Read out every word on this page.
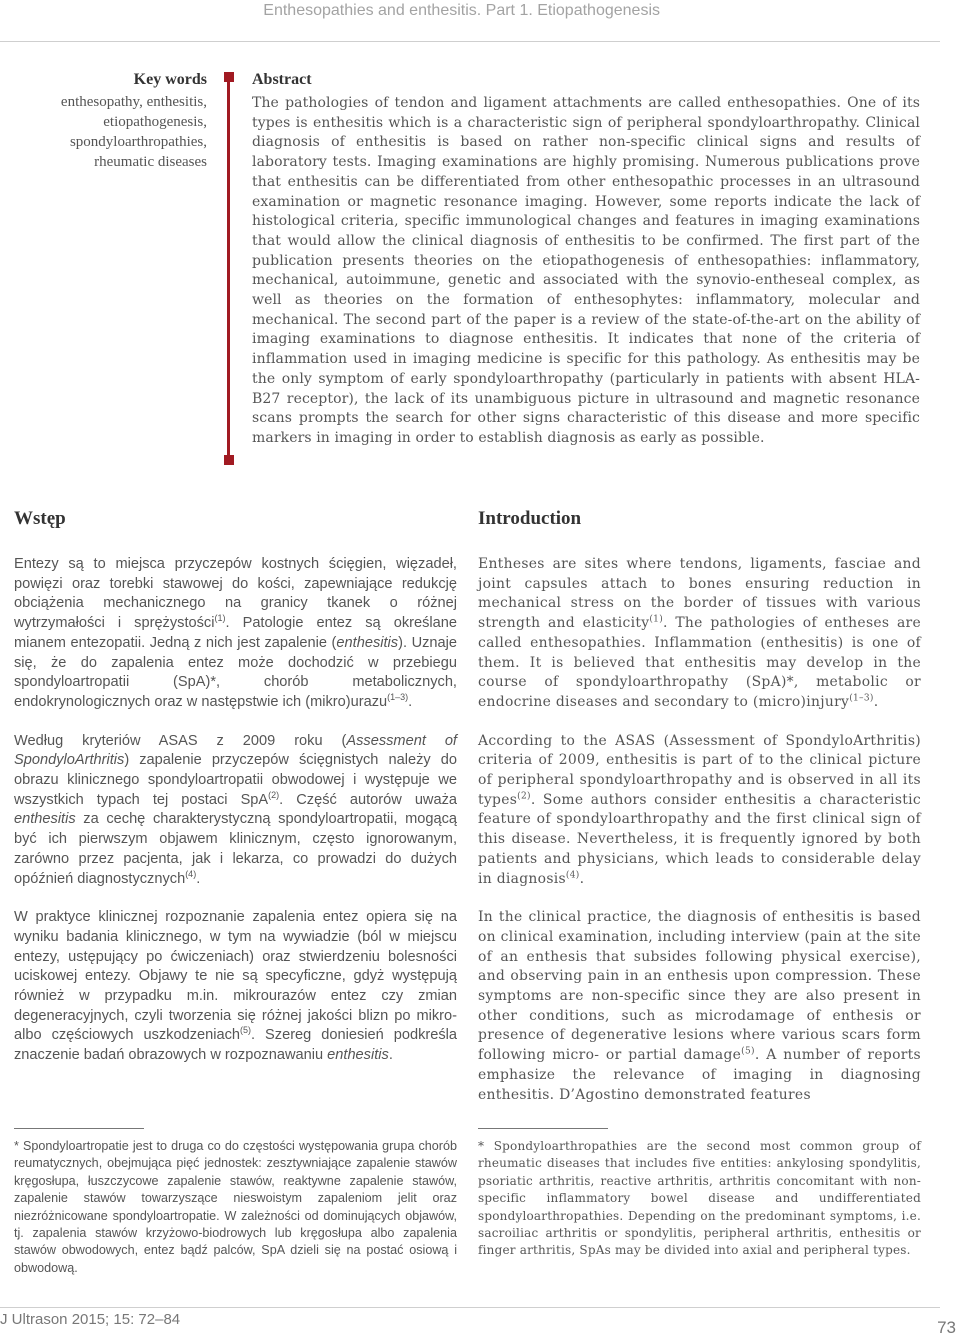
Enthesopathies and enthesitis. Part 1. Etiopathogenesis
Key words
enthesopathy, enthesitis,
etiopathogenesis,
spondyloarthropathies,
rheumatic diseases
Abstract

The pathologies of tendon and ligament attachments are called enthesopathies. One of its types is enthesitis which is a characteristic sign of peripheral spondyloarthropathy. Clinical diagnosis of enthesitis is based on rather non-specific clinical signs and results of laboratory tests. Imaging examinations are highly promising. Numerous publications prove that enthesitis can be differentiated from other enthesopathic processes in an ultrasound examination or magnetic resonance imaging. However, some reports indicate the lack of histological criteria, specific immunological changes and features in imaging examinations that would allow the clinical diagnosis of enthesitis to be confirmed. The first part of the publication presents theories on the etiopathogenesis of enthesopathies: inflammatory, mechanical, autoimmune, genetic and associated with the synovio-entheseal complex, as well as theories on the formation of enthesophytes: inflammatory, molecular and mechanical. The second part of the paper is a review of the state-of-the-art on the ability of imaging examinations to diagnose enthesitis. It indicates that none of the criteria of inflammation used in imaging medicine is specific for this pathology. As enthesitis may be the only symptom of early spondyloarthropathy (particularly in patients with absent HLA-B27 receptor), the lack of its unambiguous picture in ultrasound and magnetic resonance scans prompts the search for other signs characteristic of this disease and more specific markers in imaging in order to establish diagnosis as early as possible.

Wstęp

Entezy są to miejsca przyczepów kostnych ścięgien, więzadeł, powięzi oraz torebki stawowej do kości, zapewniające redukcję obciążenia mechanicznego na granicy tkanek o różnej wytrzymałości i sprężystości$^{(1)}$. Patologie entez są określane mianem entezopatii. Jedną z nich jest zapalenie (enthesitis). Uznaje się, że do zapalenia entez może dochodzić w przebiegu spondyloartropatii (SpA)*, chorób metabolicznych, endokrynologicznych oraz w następstwie ich (mikro)urazu$^{(1-3)}$.

Według kryteriów ASAS z 2009 roku (Assessment of SpondyloArthritis) zapalenie przyczepów ścięgnistych należy do obrazu klinicznego spondyloartropatii obwodowej i występuje we wszystkich typach tej postaci SpA$^{(2)}$. Część autorów uważa enthesitis za cechę charakterystyczną spondyloartropatii, mogącą być ich pierwszym objawem klinicznym, często ignorowanym, zarówno przez pacjenta, jak i lekarza, co prowadzi do dużych opóźnień diagnostycznych$^{(4)}$.

W praktyce klinicznej rozpoznanie zapalenia entez opiera się na wyniku badania klinicznego, w tym na wywiadzie (ból w miejscu entezy, ustępujący po ćwiczeniach) oraz stwierdzeniu bolesności uciskowej entezy. Objawy te nie są specyficzne, gdyż występują również w przypadku m.in. mikrourazów entez czy zmian degeneracyjnych, czyli tworzenia się różnej jakości blizn po mikro- albo częściowych uszkodzeniach$^{(5)}$. Szereg doniesień podkreśla znaczenie badań obrazowych w rozpoznawaniu enthesitis.

Introduction

Entheses are sites where tendons, ligaments, fasciae and joint capsules attach to bones ensuring reduction in mechanical stress on the border of tissues with various strength and elasticity$^{(1)}$. The pathologies of entheses are called enthesopathies. Inflammation (enthesitis) is one of them. It is believed that enthesitis may develop in the course of spondyloarthropathy (SpA)*, metabolic or endocrine diseases and secondary to (micro)injury$^{(1-3)}$.

According to the ASAS (Assessment of SpondyloArthritis) criteria of 2009, enthesitis is part of to the clinical picture of peripheral spondyloarthropathy and is observed in all its types$^{(2)}$. Some authors consider enthesitis a characteristic feature of spondyloarthropathy and the first clinical sign of this disease. Nevertheless, it is frequently ignored by both patients and physicians, which leads to considerable delay in diagnosis$^{(4)}$.

In the clinical practice, the diagnosis of enthesitis is based on clinical examination, including interview (pain at the site of an enthesis that subsides following physical exercise), and observing pain in an enthesis upon compression. These symptoms are non-specific since they are also present in other conditions, such as microdamage of enthesis or presence of degenerative lesions where various scars form following micro- or partial damage$^{(5)}$. A number of reports emphasize the relevance of imaging in diagnosing enthesitis. D’Agostino demonstrated features

* Spondyloartropatie jest to druga co do częstości występowania grupa chorób reumatycznych, obejmująca pięć jednostek: zesztywniające zapalenie stawów kręgosłupa, łuszczycowe zapalenie stawów, reaktywne zapalenie stawów, zapalenie stawów towarzyszące nieswoistym zapaleniom jelit oraz niezróżnicowane spondyloartropatie. W zależności od dominujących objawów, tj. zapalenia stawów krzyżowo-biodrowych lub kręgosłupa albo zapalenia stawów obwodowych, entez bądź palców, SpA dzieli się na postać osiową i obwodową.
* Spondyloarthropathies are the second most common group of rheumatic diseases that includes five entities: ankylosing spondylitis, psoriatic arthritis, reactive arthritis, arthritis concomitant with non-specific inflammatory bowel disease and undifferentiated spondyloarthropathies. Depending on the predominant symptoms, i.e. sacroiliac arthritis or spondylitis, peripheral arthritis, enthesitis or finger arthritis, SpAs may be divided into axial and peripheral types.
J Ultrason 2015; 15: 72–84	73
